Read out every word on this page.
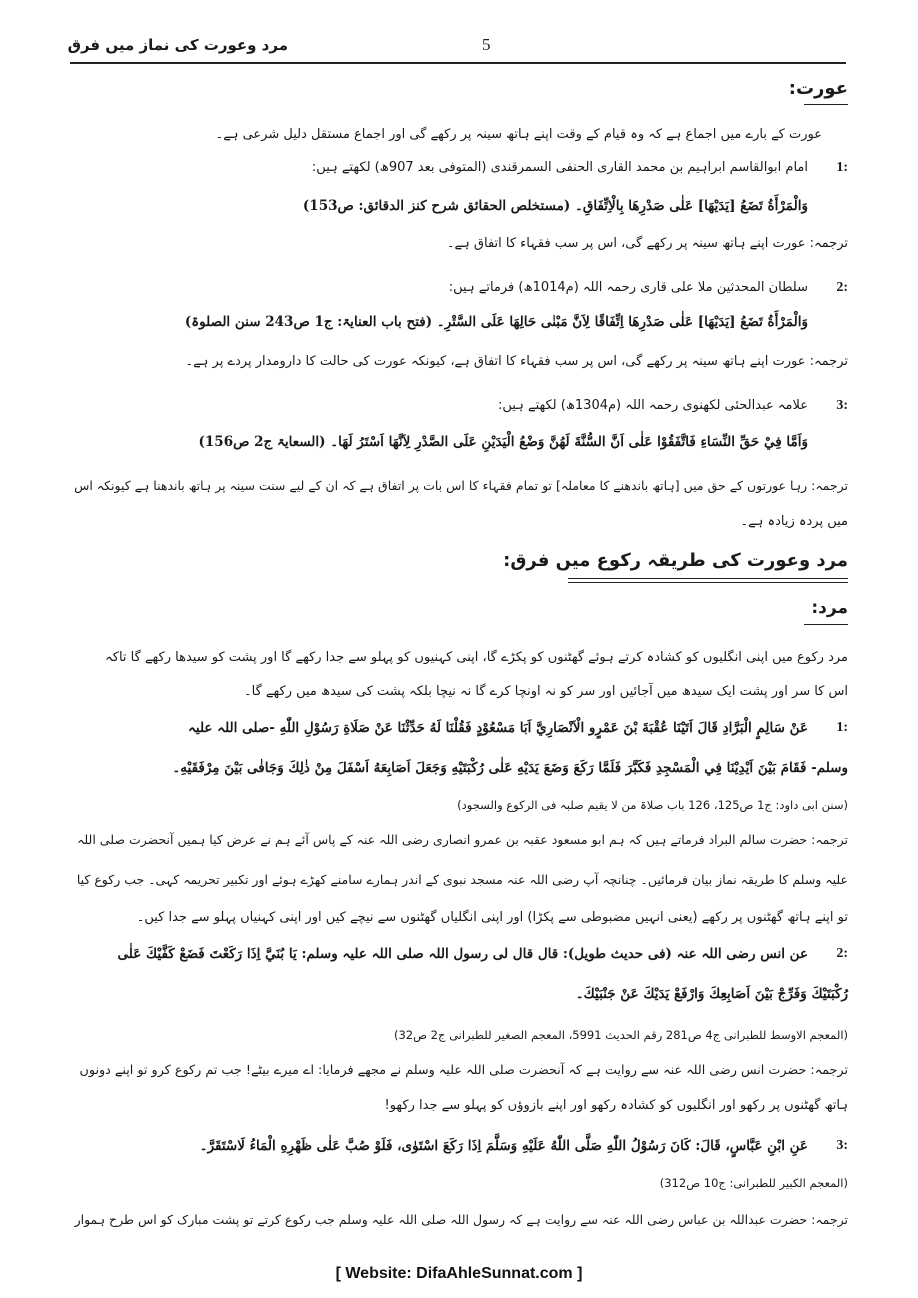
مرد وعورت کی نماز میں فرق	5
عورت:
عورت کے بارے میں اجماع ہے کہ وہ قیام کے وقت اپنے ہاتھ سینہ پر رکھے گی اور اجماع مستقل دلیل شرعی ہے۔
1:
امام ابوالقاسم ابراہیم بن محمد القاری الحنفی السمرقندی (المتوفی بعد 907ھ) لکھتے ہیں:
وَالْمَرْأَةُ تَضَعُ [يَدَيْهَا] عَلٰى صَدْرِهَا بِالْاِتِّفَاقِ۔ (مستخلص الحقائق شرح کنز الدقائق: ص153)
ترجمہ: عورت اپنے ہاتھ سینہ پر رکھے گی، اس پر سب فقہاء کا اتفاق ہے۔
2:
سلطان المحدثین ملا علی قاری رحمہ اللہ (م1014ھ) فرماتے ہیں:
وَالْمَرْأَةُ تَضَعُ [يَدَيْهَا] عَلٰى صَدْرِهَا اِتِّفَاقًا لِاَنَّ مَبْنٰى حَالِهَا عَلَى السَّتْرِ۔ (فتح باب العنایۃ: ج1 ص243 سنن الصلوۃ)
ترجمہ: عورت اپنے ہاتھ سینہ پر رکھے گی، اس پر سب فقہاء کا اتفاق ہے، کیونکہ عورت کی حالت کا دارومدار پردے پر ہے۔
3:
علامہ عبدالحئی لکھنوی رحمہ اللہ (م1304ھ) لکھتے ہیں:
وَاَمَّا فِيْ حَقِّ النِّسَاءِ فَاتَّفَقُوْا عَلٰى اَنَّ السُّنَّةَ لَهُنَّ وَضْعُ الْيَدَيْنِ عَلَى الصَّدْرِ لِاَنَّهَا اَسْتَرُ لَهَا۔ (السعایۃ ج2 ص156)
ترجمہ: رہا عورتوں کے حق میں [ہاتھ باندھنے کا معاملہ] تو تمام فقہاء کا اس بات پر اتفاق ہے کہ ان کے لیے سنت سینہ پر ہاتھ باندھنا ہے کیونکہ اس
میں پردہ زیادہ ہے۔
مرد وعورت کی طریقہ رکوع میں فرق:
مرد:
مرد رکوع میں اپنی انگلیوں کو کشادہ کرتے ہوئے گھٹنوں کو پکڑے گا، اپنی کہنیوں کو پہلو سے جدا رکھے گا اور پشت کو سیدھا رکھے گا تاکہ
اس کا سر اور پشت ایک سیدھ میں آجائیں اور سر کو نہ اونچا کرے گا نہ نیچا بلکہ پشت کی سیدھ میں رکھے گا۔
1:
عَنْ سَالِمٍ الْبَرَّادِ قَالَ اَتَيْنَا عُقْبَةَ بْنَ عَمْرٍو الْاَنْصَارِيَّ اَبَا مَسْعُوْدٍ فَقُلْنَا لَهُ حَدِّثْنَا عَنْ صَلَاةِ رَسُوْلِ اللّٰهِ -صلی اللہ علیہ
وسلم- فَقَامَ بَيْنَ اَيْدِيْنَا فِي الْمَسْجِدِ فَكَبَّرَ فَلَمَّا رَكَعَ وَضَعَ يَدَيْهِ عَلٰى رُكْبَتَيْهِ وَجَعَلَ اَصَابِعَهُ اَسْفَلَ مِنْ ذٰلِكَ وَجَافٰى بَيْنَ مِرْفَقَيْهِ۔
(سنن ابی داود: ج1 ص125، 126 باب صلاۃ من لا یقیم صلبہ فی الرکوع والسجود)
ترجمہ: حضرت سالم البراد فرماتے ہیں کہ ہم ابو مسعود عقبہ بن عمرو انصاری رضی اللہ عنہ کے پاس آئے ہم نے عرض کیا ہمیں آنحضرت صلی اللہ
علیہ وسلم کا طریقہ نماز بیان فرمائیں۔ چنانچہ آپ رضی اللہ عنہ مسجد نبوی کے اندر ہمارے سامنے کھڑے ہوئے اور تکبیر تحریمہ کہی۔ جب رکوع کیا
تو اپنے ہاتھ گھٹنوں پر رکھے (یعنی انہیں مضبوطی سے پکڑا) اور اپنی انگلیاں گھٹنوں سے نیچے کیں اور اپنی کہنیاں پہلو سے جدا کیں۔
2:
عن انس رضی اللہ عنہ (فی حدیث طویل): قال قال لی رسول اللہ صلی اللہ علیہ وسلم: يَا بُنَيَّ اِذَا رَكَعْتَ فَضَعْ كَفَّيْكَ عَلٰى
رُكْبَتَيْكَ وَفَرِّجْ بَيْنَ اَصَابِعِكَ وَارْفَعْ يَدَيْكَ عَنْ جَنْبَيْكَ۔
(المعجم الاوسط للطبرانی ج4 ص281 رقم الحدیث 5991، المعجم الصغیر للطبرانی ج2 ص32)
ترجمہ: حضرت انس رضی اللہ عنہ سے روایت ہے کہ آنحضرت صلی اللہ علیہ وسلم نے مجھے فرمایا: اے میرے بیٹے! جب تم رکوع کرو تو اپنے دونوں
ہاتھ گھٹنوں پر رکھو اور انگلیوں کو کشادہ رکھو اور اپنے بازوؤں کو پہلو سے جدا رکھو!
3:
عَنِ ابْنِ عَبَّاسٍ، قَالَ: كَانَ رَسُوْلُ اللّٰهِ صَلَّى اللّٰهُ عَلَيْهِ وَسَلَّمَ اِذَا رَكَعَ اسْتَوٰى، فَلَوْ صُبَّ عَلٰى ظَهْرِهِ الْمَاءُ لَاسْتَقَرَّ۔
(المعجم الکبیر للطبرانی: ج10 ص312)
ترجمہ: حضرت عبداللہ بن عباس رضی اللہ عنہ سے روایت ہے کہ رسول اللہ صلی اللہ علیہ وسلم جب رکوع کرتے تو پشت مبارک کو اس طرح ہموار
[ Website: DifaAhleSunnat.com ]
